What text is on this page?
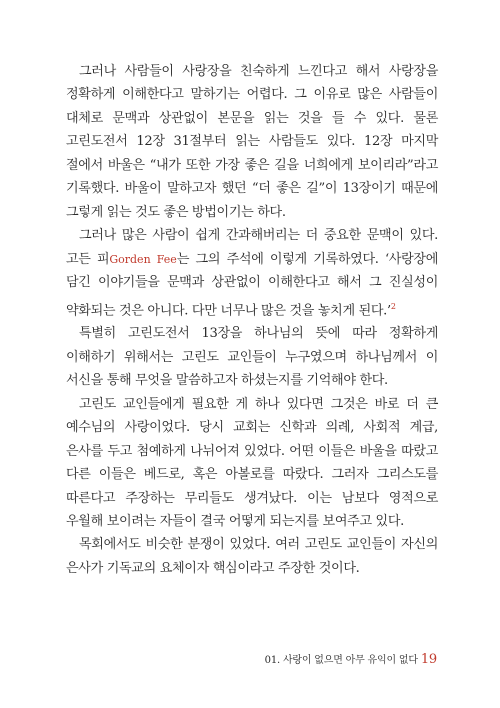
그러나 사람들이 사랑장을 친숙하게 느낀다고 해서 사랑장을 정확하게 이해한다고 말하기는 어렵다. 그 이유로 많은 사람들이 대체로 문맥과 상관없이 본문을 읽는 것을 들 수 있다. 물론 고린도전서 12장 31절부터 읽는 사람들도 있다. 12장 마지막 절에서 바울은 “내가 또한 가장 좋은 길을 너희에게 보이리라”라고 기록했다. 바울이 말하고자 했던 “더 좋은 길”이 13장이기 때문에 그렇게 읽는 것도 좋은 방법이기는 하다.

그러나 많은 사람이 쉽게 간과해버리는 더 중요한 문맥이 있다. 고든 피Gorden Fee는 그의 주석에 이렇게 기록하였다. ‘사랑장에 담긴 이야기들을 문맥과 상관없이 이해한다고 해서 그 진실성이 약화되는 것은 아니다. 다만 너무나 많은 것을 놓치게 된다.’$^2$

특별히 고린도전서 13장을 하나님의 뜻에 따라 정확하게 이해하기 위해서는 고린도 교인들이 누구였으며 하나님께서 이 서신을 통해 무엇을 말씀하고자 하셨는지를 기억해야 한다.

고린도 교인들에게 필요한 게 하나 있다면 그것은 바로 더 큰 예수님의 사랑이었다. 당시 교회는 신학과 의례, 사회적 계급, 은사를 두고 첨예하게 나뉘어져 있었다. 어떤 이들은 바울을 따랐고 다른 이들은 베드로, 혹은 아볼로를 따랐다. 그러자 그리스도를 따른다고 주장하는 무리들도 생겨났다. 이는 남보다 영적으로 우월해 보이려는 자들이 결국 어떻게 되는지를 보여주고 있다.

목회에서도 비슷한 분쟁이 있었다. 여러 고린도 교인들이 자신의 은사가 기독교의 요체이자 핵심이라고 주장한 것이다.

01. 사랑이 없으면 아무 유익이 없다 19
